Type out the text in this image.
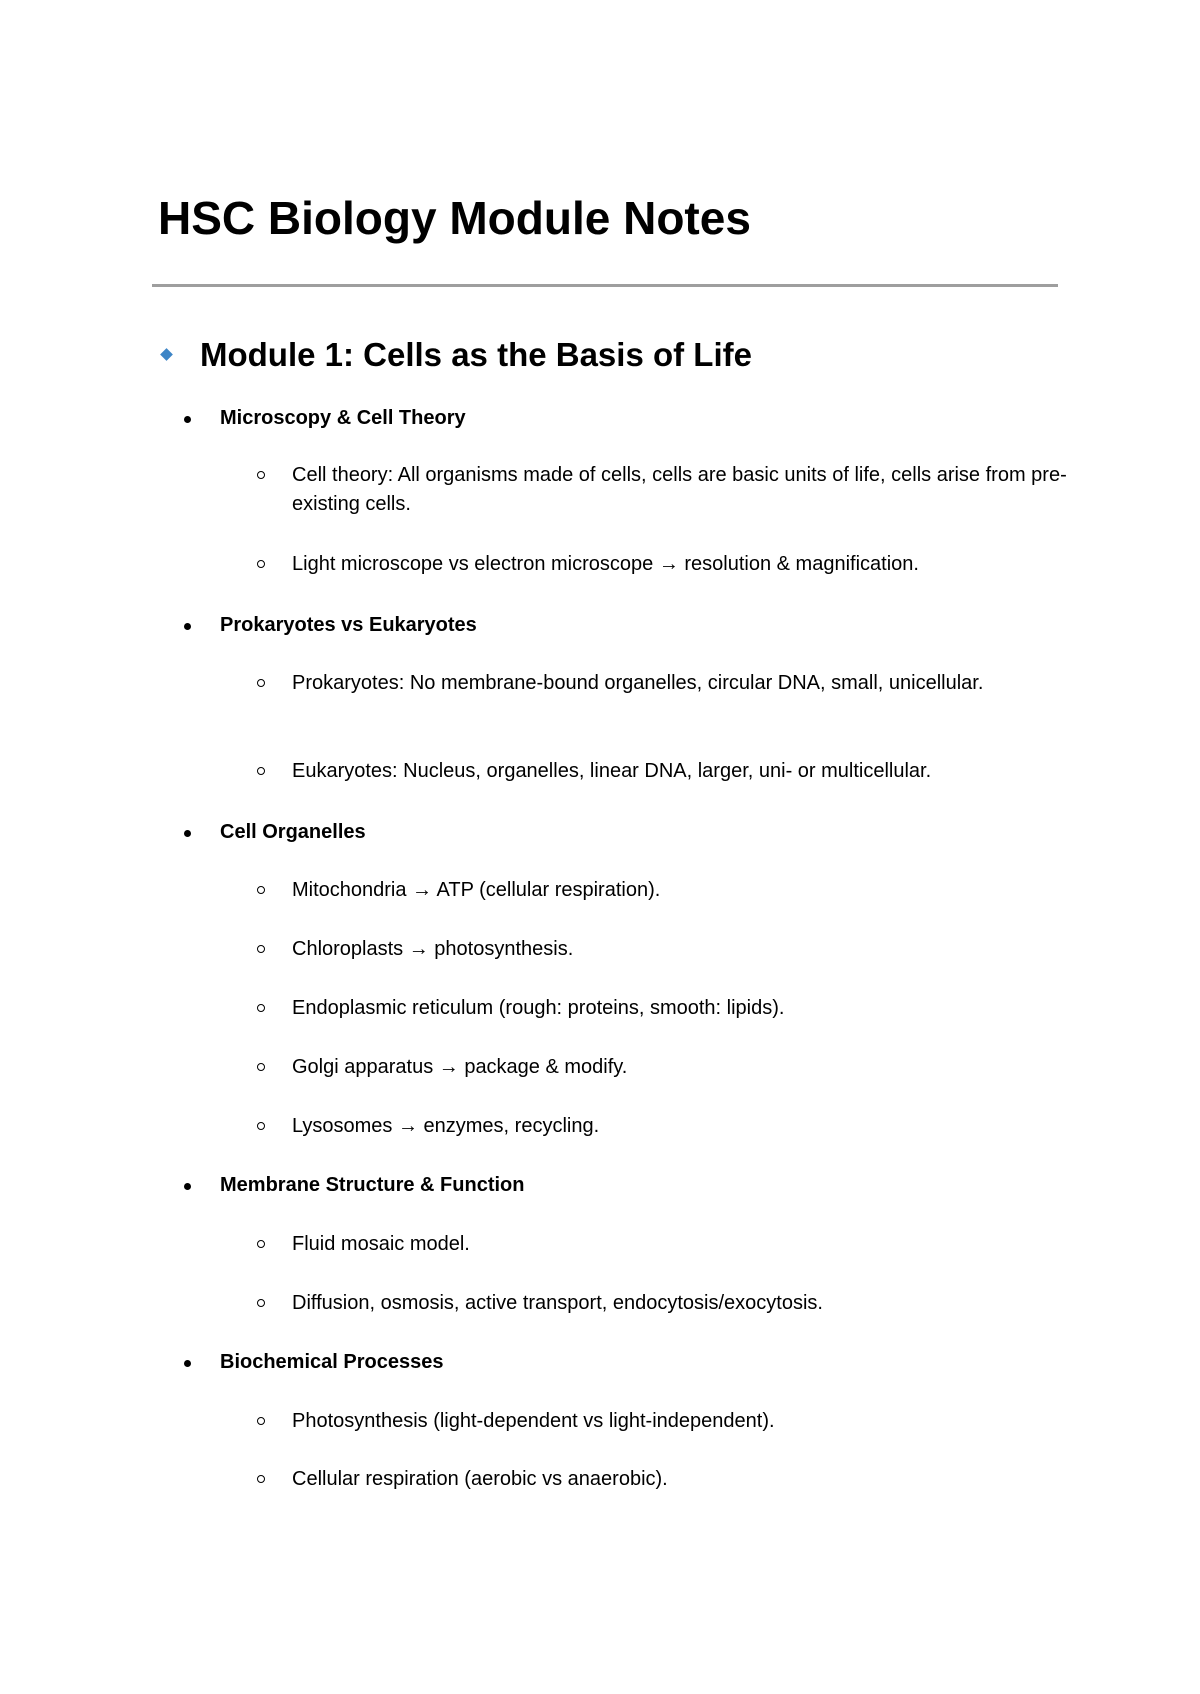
HSC Biology Module Notes
Module 1: Cells as the Basis of Life
Microscopy & Cell Theory
Cell theory: All organisms made of cells, cells are basic units of life, cells arise from pre-existing cells.
Light microscope vs electron microscope → resolution & magnification.
Prokaryotes vs Eukaryotes
Prokaryotes: No membrane-bound organelles, circular DNA, small, unicellular.
Eukaryotes: Nucleus, organelles, linear DNA, larger, uni- or multicellular.
Cell Organelles
Mitochondria → ATP (cellular respiration).
Chloroplasts → photosynthesis.
Endoplasmic reticulum (rough: proteins, smooth: lipids).
Golgi apparatus → package & modify.
Lysosomes → enzymes, recycling.
Membrane Structure & Function
Fluid mosaic model.
Diffusion, osmosis, active transport, endocytosis/exocytosis.
Biochemical Processes
Photosynthesis (light-dependent vs light-independent).
Cellular respiration (aerobic vs anaerobic).
